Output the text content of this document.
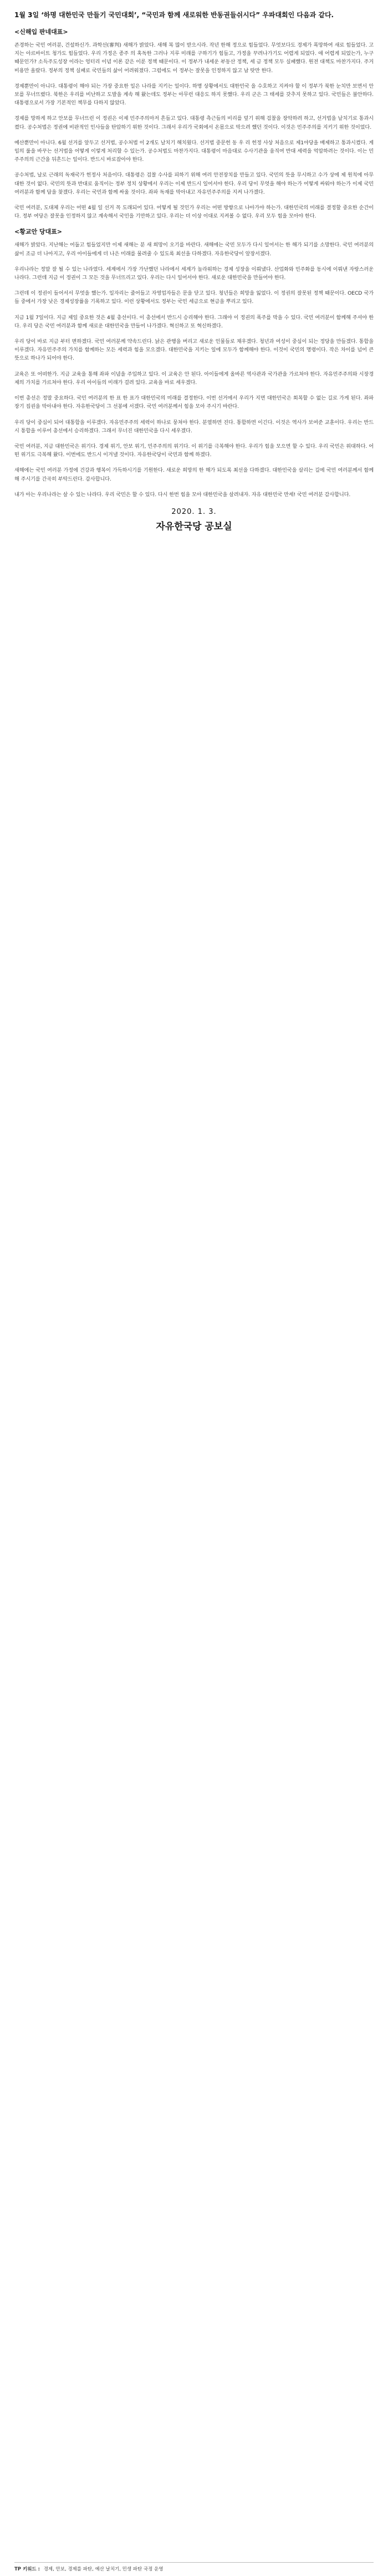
1월 3일 ‘하명 대한민국 만들기 국민대회’, “국민과 함께 새로워한 반동권들쉬시다” 우파대회인 다음과 같다.
<신해입 판네대표>

존경하는 국민 여러분, 건설하신가. 과학선(審判) 새해가 밝았다. 새해 복 많이 받으시라. 작년 한해 정으로 힘들었다. 무엇보다도 경제가 폭망하여 새로 힘들었다. 고지는 아르바이트 청가도 힘들었다. 우리 가정은 종주 의 혹독한 그러나 지루 미래를 구하기가 힘들고, 가정을 꾸려나가기도 어렵게 되었다. 애 어렵게 되었는가, 누구 때문인가? 소득주도성장 이라는 엉터리 이념 이론 같은 이룬 정책 때문이다. 이 정부가 내세운 부동산 정책, 세 금 정책 모두 실패했다. 원전 대책도 마찬가지다. 주거 비용만 올랐다. 정부의 정책 실패로 국민들의 삶이 어려워졌다. 그럼에도 이 정부는 잘못을 인정하지 않고 남 탓만 한다.

경제뿐만이 아니다. 대통령이 해야 되는 가장 중요한 일은 나라를 지키는 일이다. 하명 상황에서도 대한민국 을 수호하고 지켜야 할 이 정부가 북한 눈치만 보면서 안보를 무너뜨렸다. 북한은 우리를 비난하고 도발을 계속 해 왔는데도 정부는 아무런 대응도 하지 못했다. 우리 군은 그 태세를 갖추지 못하고 있다. 국민들은 불안하다. 대통령으로서 가장 기본적인 책무를 다하지 않았다.

경제를 망하게 하고 안보를 무너뜨린 이 정권은 이제 민주주의마저 흔들고 있다. 대통령 측근들의 비리를 덮기 위해 검찰을 장악하려 하고, 선거법을 날치기로 통과시켰다. 공수처법은 정권에 비판적인 인사들을 탄압하기 위한 것이다. 그래서 우리가 국회에서 온몸으로 막으려 했던 것이다. 이것은 민주주의를 지키기 위한 것이었다.

예산뿐만이 아니다. 6월 선거를 앞두고 선거법, 공수처법 이 2개도 날치기 해치웠다. 선거법 중문헌 동 우 리 헌정 사상 처음으로 제1야당을 배제하고 통과시켰다. 게임의 룰을 바꾸는 선거법을 어떻게 이렇게 처리할 수 있는가. 공수처법도 마찬가지다. 대통령이 마음대로 수사기관을 움직여 반대 세력을 억압하려는 것이다. 이는 민주주의의 근간을 뒤흔드는 일이다. 반드시 바로잡아야 한다.

공수처법, 날로 근래의 독재국가 헌정사 처음이다. 대통령은 검찰 수사를 피하기 위해 여러 안전장치를 만들고 있다. 국민의 뜻을 무시하고 수가 상에 제 원칙에 아무 대한 것이 없다. 국민의 뜻과 반대로 움직이는 정부 정치 상황에서 우리는 이제 반드시 일어서야 한다. 우리 당이 무엇을 해야 하는가 어떻게 싸워야 하는가 이제 국민 여러분과 함께 답을 찾겠다. 우리는 국민과 함께 싸울 것이다. 좌파 독재를 막아내고 자유민주주의를 지켜 나가겠다.

국민 여러분, 도대체 우리는 어떤 4월 일 선거 꼭 도래되어 있다. 어떻게 될 것인가 우리는 어떤 방향으로 나아가야 하는가. 대한민국의 미래를 결정할 중요한 순간이다. 정부 여당은 잘못을 인정하지 않고 계속해서 국민을 기만하고 있다. 우리는 더 이상 이대로 지켜볼 수 없다. 우리 모두 힘을 모아야 한다.

<황교안 당대표>

새해가 밝았다. 지난해는 어둡고 힘들었지만 이제 새해는 분 새 희망이 오기를 바란다. 새해에는 국민 모두가 다시 일어서는 한 해가 되기를 소망한다. 국민 여러분의 삶이 조금 더 나아지고, 우리 아이들에게 더 나은 미래를 물려줄 수 있도록 최선을 다하겠다. 자유한국당이 앞장서겠다.

우리나라는 정말 잘 될 수 있는 나라였다. 세계에서 가장 가난했던 나라에서 세계가 놀라워하는 경제 성장을 이뤄냈다. 산업화와 민주화를 동시에 이뤄낸 자랑스러운 나라다. 그런데 지금 이 정권이 그 모든 것을 무너뜨리고 있다. 우리는 다시 일어서야 한다. 새로운 대한민국을 만들어야 한다.

그런데 이 정권이 들어서서 무엇을 했는가. 일자리는 줄어들고 자영업자들은 문을 닫고 있다. 청년들은 희망을 잃었다. 이 정권의 잘못된 정책 때문이다. OECD 국가들 중에서 가장 낮은 경제성장률을 기록하고 있다. 이런 상황에서도 정부는 국민 세금으로 현금을 뿌리고 있다.

지금 1월 7일이다. 지금 제일 중요한 것은 4월 총선이다. 이 총선에서 반드시 승리해야 한다. 그래야 이 정권의 폭주를 막을 수 있다. 국민 여러분이 함께해 주셔야 한다. 우리 당은 국민 여러분과 함께 새로운 대한민국을 만들어 나가겠다. 혁신하고 또 혁신하겠다.

우리 당이 바로 지금 부터 변하겠다. 국민 여러분께 약속드린다. 낡은 관행을 버리고 새로운 인물들로 채우겠다. 청년과 여성이 중심이 되는 정당을 만들겠다. 통합을 이루겠다. 자유민주주의 가치를 함께하는 모든 세력과 힘을 모으겠다. 대한민국을 지키는 일에 모두가 함께해야 한다. 이것이 국민의 명령이다. 작은 차이를 넘어 큰 뜻으로 하나가 되어야 한다.

교육은 또 어떠한가. 지금 교육을 통해 좌파 이념을 주입하고 있다. 이 교육은 안 된다. 아이들에게 올바른 역사관과 국가관을 가르쳐야 한다. 자유민주주의와 시장경제의 가치를 가르쳐야 한다. 우리 아이들의 미래가 걸려 있다. 교육을 바로 세우겠다.

이번 총선은 정말 중요하다. 국민 여러분의 한 표 한 표가 대한민국의 미래를 결정한다. 이번 선거에서 우리가 지면 대한민국은 회복할 수 없는 길로 가게 된다. 좌파 장기 집권을 막아내야 한다. 자유한국당이 그 선봉에 서겠다. 국민 여러분께서 힘을 모아 주시기 바란다.

우리 당이 중심이 되어 대통합을 이루겠다. 자유민주주의 세력이 하나로 뭉쳐야 한다. 분열하면 진다. 통합하면 이긴다. 이것은 역사가 보여준 교훈이다. 우리는 반드시 통합을 이루어 총선에서 승리하겠다. 그래서 무너진 대한민국을 다시 세우겠다.

국민 여러분, 지금 대한민국은 위기다. 경제 위기, 안보 위기, 민주주의의 위기다. 이 위기를 극복해야 한다. 우리가 힘을 모으면 할 수 있다. 우리 국민은 위대하다. 어떤 위기도 극복해 왔다. 이번에도 반드시 이겨낼 것이다. 자유한국당이 국민과 함께 하겠다.

새해에는 국민 여러분 가정에 건강과 행복이 가득하시기를 기원한다. 새로운 희망의 한 해가 되도록 최선을 다하겠다. 대한민국을 살리는 길에 국민 여러분께서 함께해 주시기를 간곡히 부탁드린다. 감사합니다.

내가 아는 우리나라는 살 수 있는 나라다. 우리 국민은 할 수 있다. 다시 한번 힘을 모아 대한민국을 살려내자. 자유 대한민국 만세! 국민 여러분 감사합니다.

2020. 1. 3.
자유한국당 공보실
TP 키워드 : 경제, 안보, 경제를 파탄, 예산 날치기, 민생 파탄 국정 운영
